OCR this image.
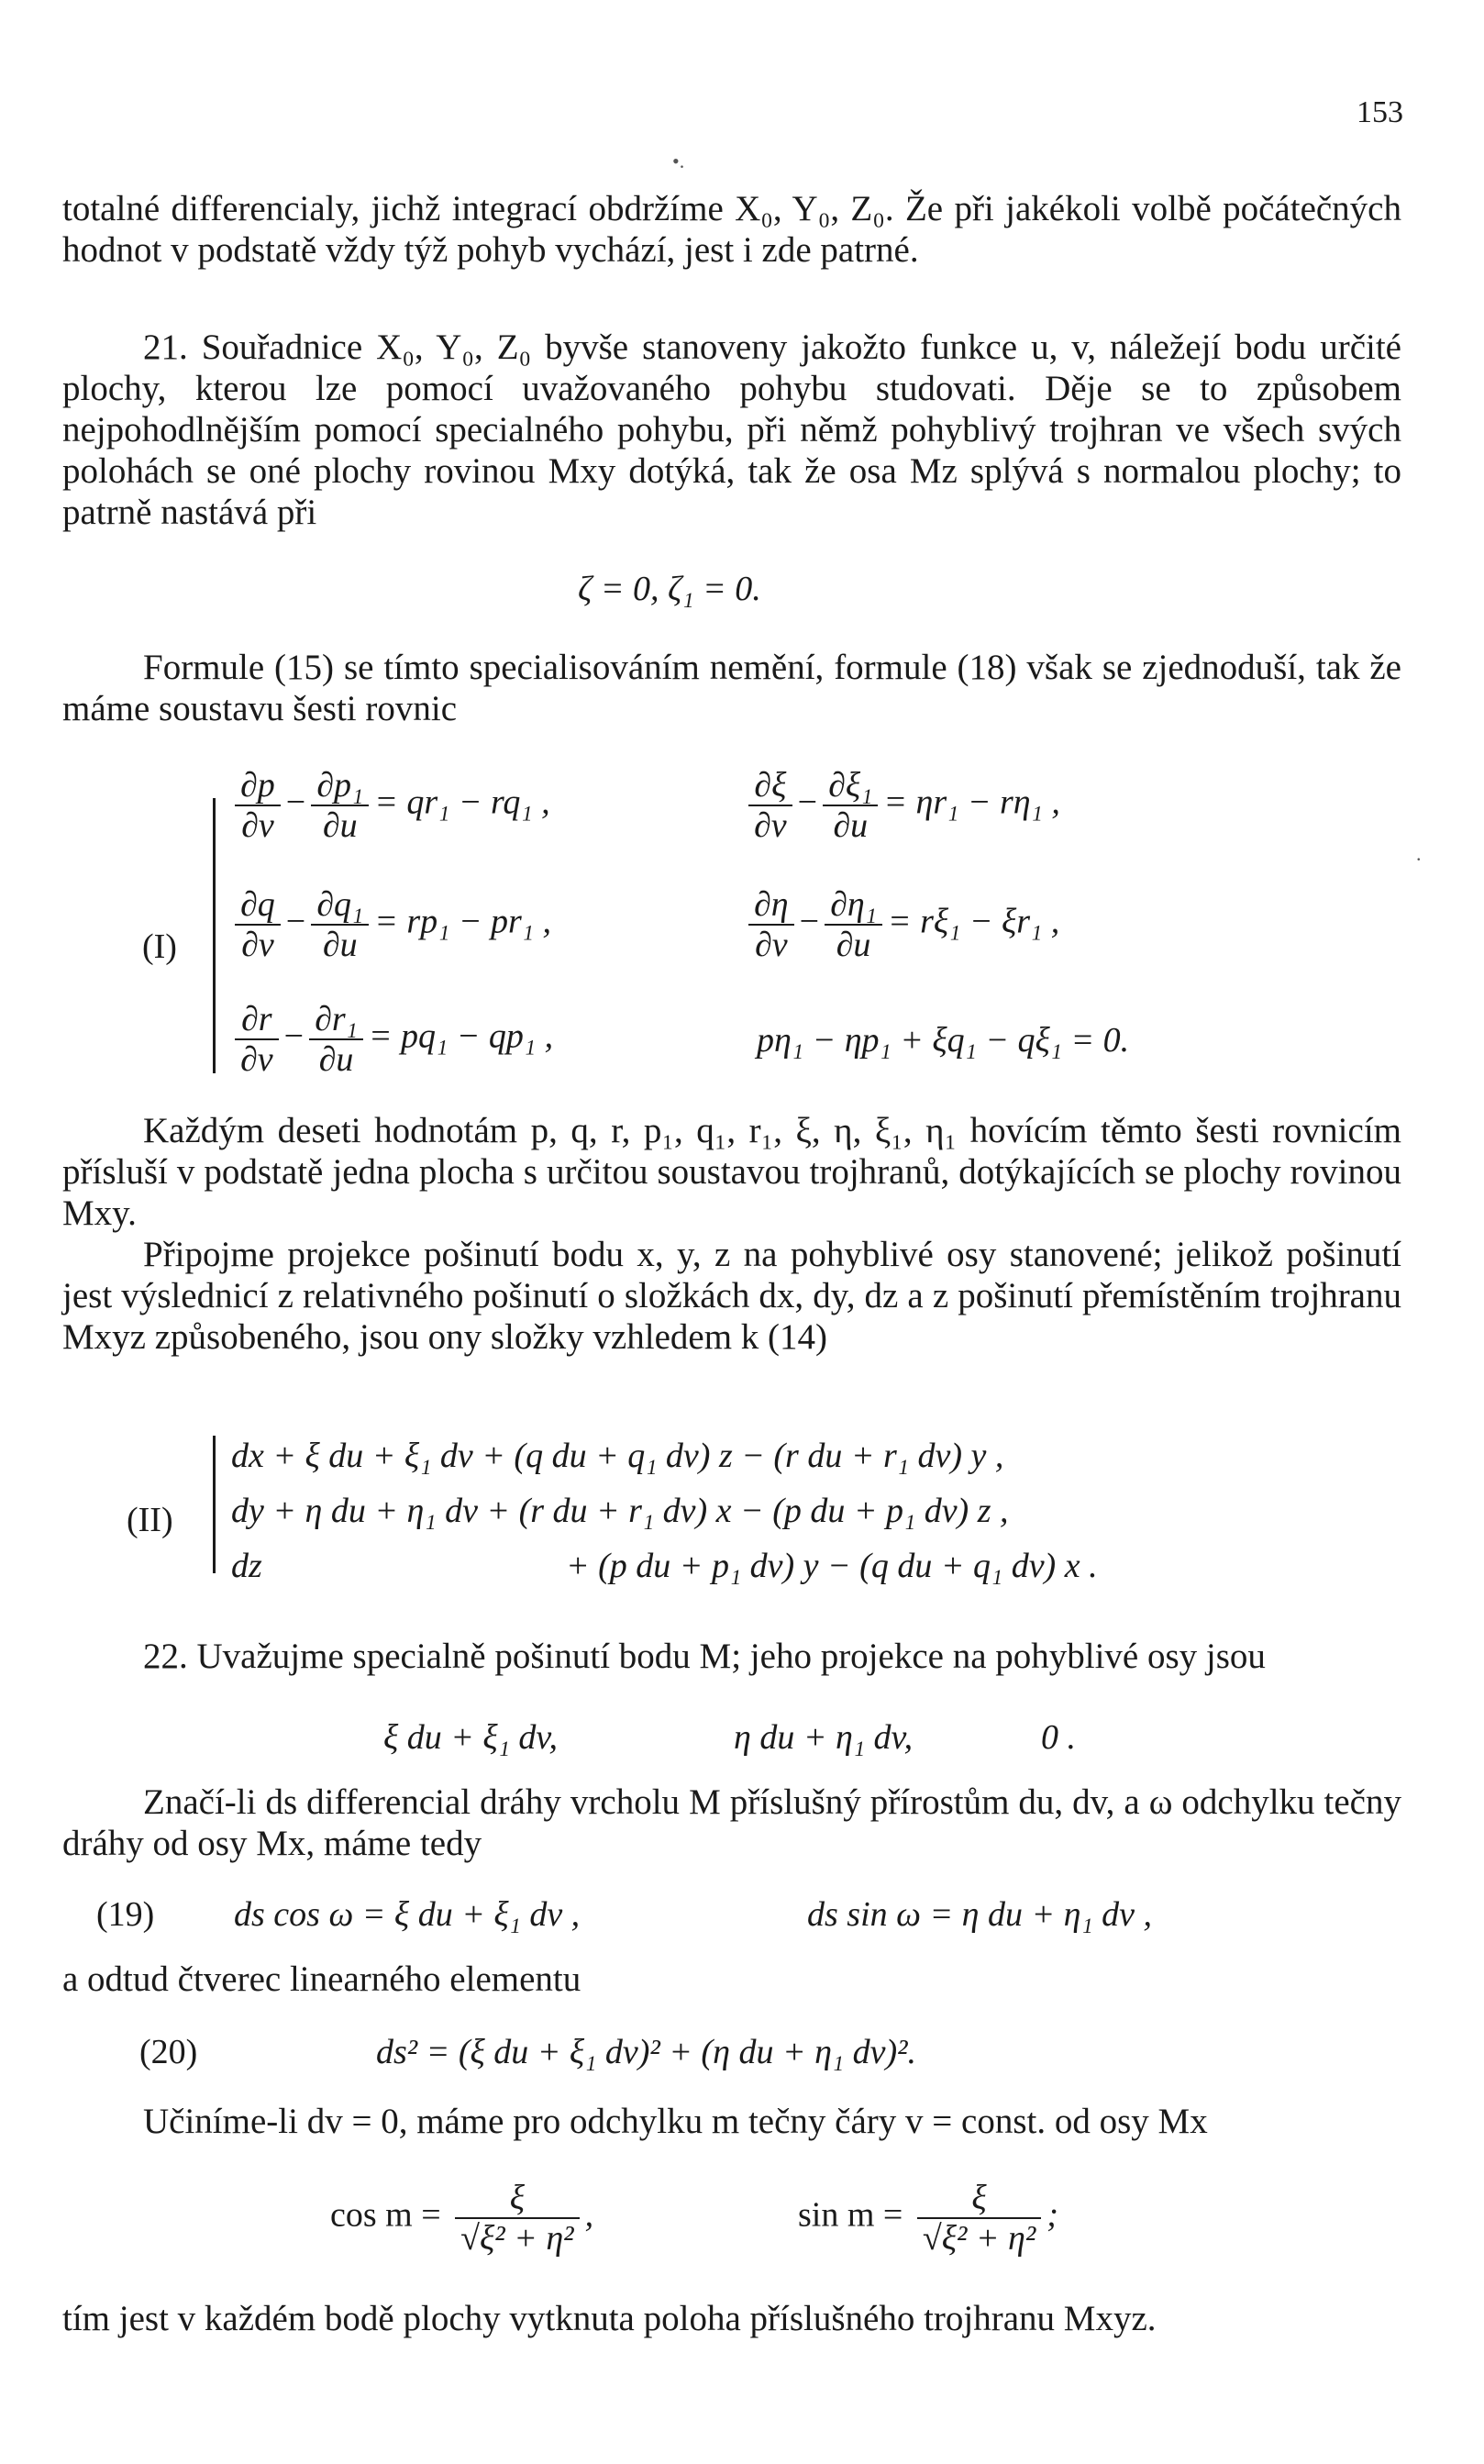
153
•.
.

totalné differencialy, jichž integrací obdržíme X₀, Y₀, Z₀. Že při jakékoli volbě počátečných hodnot v podstatě vždy týž pohyb vychází, jest i zde patrné.

21. Souřadnice X₀, Y₀, Z₀ byvše stanoveny jakožto funkce u, v, náležejí bodu určité plochy, kterou lze pomocí uvažovaného pohybu studovati. Děje se to způsobem nejpohodlnějším pomocí specialného pohybu, při němž pohyblivý trojhran ve všech svých polohách se oné plochy rovinou Mxy dotýká, tak že osa Mz splývá s normalou plochy; to patrně nastává při

ζ = 0, ζ₁ = 0.

Formule (15) se tímto specialisováním nemění, formule (18) však se zjednoduší, tak že máme soustavu šesti rovnic

(I)
$\frac{\partial p}{\partial v} - \frac{\text{∂p₁}}{\partial u} = qr_1 - rq_1$ ,	$\frac{\partial\xi}{\partial v} - \frac{\text{∂ξ₁}}{\partial u} = \eta r_1 - r\eta_1$ ,
$\frac{\partial q}{\partial v} - \frac{\text{∂q₁}}{\partial u} = rp_1 - pr_1$ ,	$\frac{\partial\eta}{\partial v} - \frac{\text{∂η₁}}{\partial u} = r\xi_1 - \xi r_1$ ,
$\frac{\partial r}{\partial v} - \frac{\text{∂r₁}}{\partial u} = pq_1 - qp_1$ ,	pη₁ − ηp₁ + ξq₁ − qξ₁ = 0.

Každým deseti hodnotám p, q, r, p₁, q₁, r₁, ξ, η, ξ₁, η₁ hovícím těmto šesti rovnicím přísluší v podstatě jedna plocha s určitou soustavou trojhranů, dotýkajících se plochy rovinou Mxy.

Připojme projekce pošinutí bodu x, y, z na pohyblivé osy stanovené; jelikož pošinutí jest výslednicí z relativného pošinutí o složkách dx, dy, dz a z pošinutí přemístěním trojhranu Mxyz způsobeného, jsou ony složky vzhledem k (14)

(II)
dx + ξ du + ξ₁ dv + (q du + q₁ dv) z − (r du + r₁ dv) y ,
dy + η du + η₁ dv + (r du + r₁ dv) x − (p du + p₁ dv) z ,
dz	+ (p du + p₁ dv) y − (q du + q₁ dv) x .

22. Uvažujme specialně pošinutí bodu M; jeho projekce na pohyblivé osy jsou

ξ du + ξ₁ dv,	η du + η₁ dv,	0 .

Značí-li ds differencial dráhy vrcholu M příslušný přírostům du, dv, a ω odchylku tečny dráhy od osy Mx, máme tedy

(19) ds cos ω = ξ du + ξ₁ dv ,	ds sin ω = η du + η₁ dv ,

a odtud čtverec linearného elementu

(20)	ds² = (ξ du + ξ₁ dv)² + (η du + η₁ dv)².

Učiníme-li dv = 0, máme pro odchylku m tečny čáry v = const. od osy Mx

$\cos m = \frac{\xi}{\text{√ξ² + η²}}$ ,	$\sin m = \frac{\xi}{\text{√ξ² + η²}}$ ;

tím jest v každém bodě plochy vytknuta poloha příslušného trojhranu Mxyz.
